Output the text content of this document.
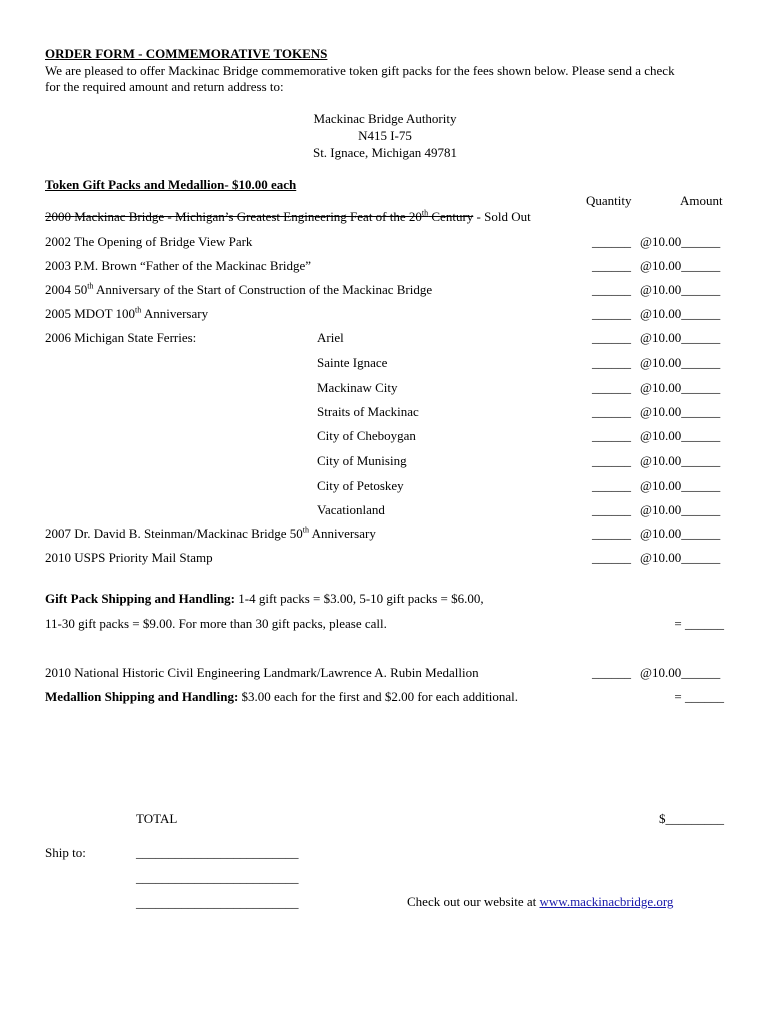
ORDER FORM - COMMEMORATIVE TOKENS
We are pleased to offer Mackinac Bridge commemorative token gift packs for the fees shown below. Please send a check
for the required amount and return address to:
Mackinac Bridge Authority
N415 I-75
St. Ignace, Michigan 49781
Token Gift Packs and Medallion- $10.00 each
Quantity	Amount
2000 Mackinac Bridge - Michigan’s Greatest Engineering Feat of the 20th Century - Sold Out
2002 The Opening of Bridge View Park	______ @10.00______
2003 P.M. Brown “Father of the Mackinac Bridge”	______ @10.00______
2004 50th Anniversary of the Start of Construction of the Mackinac Bridge	______ @10.00______
2005 MDOT 100th Anniversary	______ @10.00______
2006 Michigan State Ferries:	Ariel	______ @10.00______
Sainte Ignace	______ @10.00______
Mackinaw City	______ @10.00______
Straits of Mackinac	______ @10.00______
City of Cheboygan	______ @10.00______
City of Munising	______ @10.00______
City of Petoskey	______ @10.00______
Vacationland	______ @10.00______
2007 Dr. David B. Steinman/Mackinac Bridge 50th Anniversary	______ @10.00______
2010 USPS Priority Mail Stamp	______ @10.00______
Gift Pack Shipping and Handling: 1-4 gift packs = $3.00, 5-10 gift packs = $6.00,
11-30 gift packs = $9.00. For more than 30 gift packs, please call.	= ______
2010 National Historic Civil Engineering Landmark/Lawrence A. Rubin Medallion	______ @10.00______
Medallion Shipping and Handling: $3.00 each for the first and $2.00 for each additional.	= ______
TOTAL	$_________
Ship to:	_________________________
_________________________
_________________________	Check out our website at www.mackinacbridge.org
